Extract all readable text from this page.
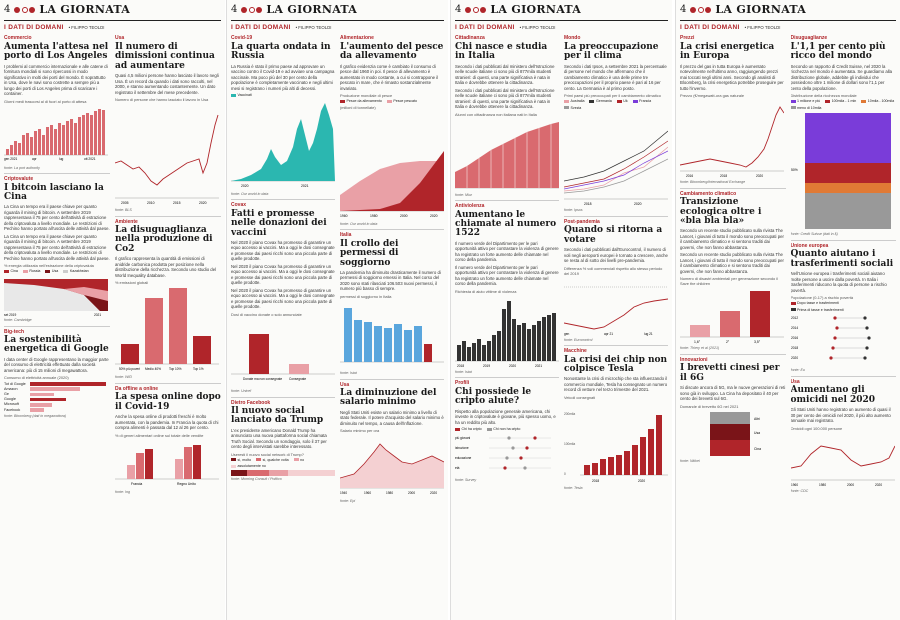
4	LA GIORNATA
I DATI DI DOMANI • FILIPPO TEOLDI
Commercio
Aumenta l'attesa nel porto di Los Angeles

I problemi al commercio internazionale e alle catene di fornitura mondiali si sono ripercossi in modo significativo in molti dei porti del mondo. È soprattutto in Usa, dove le navi sono costrette a sempre più a lungo dei porti di Los Angeles prima di scaricare i container.

Giorni medi trascorsi al di fuori al porto di attesa
gen 2021	apr	lug	ott 2021
fonte: La port authority
Criptovalute
I bitcoin lasciano la Cina

La Cina un tempo era il paese chiave per quanto riguarda il mining di bitcoin. A settembre 2019 rappresentava il 75 per cento dell'attività di estrazione della criptovaluta a livello mondiale. Le restrizioni di Pechino hanno portato all'uscita delle attività dal paese.

La Cina un tempo era il paese chiave per quanto riguarda il mining di bitcoin. A settembre 2019 rappresentava il 75 per cento dell'attività di estrazione della criptovaluta a livello mondiale. Le restrizioni di Pechino hanno portato all'uscita delle attività dal paese.

% energia utilizzata nell'estrazione della criptovaluta
Cina	Russia	Usa	Kazakhstan
set 2019	2021
fonte: Cambridge
Big-tech
La sostenibilità energetica di Google

I data center di Google rappresentano la maggior parte del consumo di elettricità effettuato dalla società americana: più di 15 milioni di megawattora.

Consumo di elettricità annuale (2020)
Tot di Google
Amazon
Ge
Google
Microsoft
Facebook
fonte: Bloomberg (dati in megawattora)
Usa
Il numero di dimissioni continua ad aumentare

Quasi 4,5 milioni persone hanno lasciato il lavoro negli Usa. È un record da quando i dati sono raccolti, nel 2000, e stanno aumentando costantemente. Un dato registrato il settembre del mese precedente.

Numero di persone che hanno lasciato il lavoro in Usa
2005	2010	2015	2020
fonte: BLS
Ambiente
La disuguaglianza nella produzione di Co2

Il grafico rappresenta la quantità di emissioni di anidride carbonica prodotta per posizione nella distribuzione della ricchezza. Secondo uno studio del World Inequality database.

% emissioni globali
50% più poveri Medio 40%	Top 10%	Top 1%
fonte: WID
Da offline a online
La spesa online dopo il Covid-19

Anche la spesa online di prodotti freschi è molto aumentata, con la pandemia. In Francia la quota di chi compra alimenti è passata dal 12 al 26 per cento.

% di generi alimentari online sul totale delle vendite
Francia	Regno Unito
fonte: Ing
4	LA GIORNATA
I DATI DI DOMANI • FILIPPO TEOLDI
Covid-19
La quarta ondata in Russia

La Russia è stato il primo paese ad approvare un vaccino contro il Covid-19 e ad avviare una campagna vaccinale. Ma poco più del 30 per cento della popolazione è completamente vaccinato e negli ultimi mesi si registrano i numeri più alti di decessi.

Vaccinati
2020	2021
fonte: Our world in data
Covax
Fatti e promesse nelle donazioni dei vaccini

Nel 2020 il piano Covax ha promesso di garantire un equo accesso ai vaccini. Ma a oggi le dosi consegnate e promesse dai paesi ricchi sono una piccola parte di quelle prodotte.

Nel 2020 il piano Covax ha promesso di garantire un equo accesso ai vaccini. Ma a oggi le dosi consegnate e promesse dai paesi ricchi sono una piccola parte di quelle prodotte.

Nel 2020 il piano Covax ha promesso di garantire un equo accesso ai vaccini. Ma a oggi le dosi consegnate e promesse dai paesi ricchi sono una piccola parte di quelle prodotte.

Dosi di vaccino donate o solo annunciate
Donate ma non consegnate Consegnate
fonte: Unicef
Dietro Facebook
Il nuovo social lanciato da Trump

L'ex presidente americano Donald Trump ha annunciato una nuova piattaforma social chiamata Truth Social. Secondo un sondaggio, solo il 37 per cento degli intervistati sarebbe interessato.

Useresti il nuovo social network di Trump?
sì, molto	sì, qualche volta	no
assolutamente no
fonte: Morning Consult / Politico
Alimentazione
L'aumento del pesce da allevamento

Il grafico evidenzia come è cambiato il consumo di pesce dal 1960 in poi. Il pesce di allevamento è aumentato in modo costante, a cui si contrappone il pescato in mare, che è rimasto sostanzialmente invariato.

Produzione mondiale di pesce
Pesce da allevamento	Pesce pescato
(milioni di tonnellate)
1960	1980	2000	2020
fonte: Our world in data
Italia
Il crollo dei permessi di soggiorno

La pandemia ha diminuito drasticamente il numero di permessi di soggiorno emessi in Italia. Nel corso del 2020 sono stati rilasciati 106.503 nuovi permessi, il numero più basso di sempre.

permessi di soggiorno in Italia
fonte: Istat
Usa
La diminuzione del salario minimo

Negli Stati Uniti esiste un salario minimo a livello di stato federale. Il potere d'acquisto del salario minimo è diminuito nel tempo, a causa dell'inflazione.

Salario minimo per ora
1940	1960	1980	2000	2020
fonte: Epi
4	LA GIORNATA
I DATI DI DOMANI • FILIPPO TEOLDI
Cittadinanza
Chi nasce e studia in Italia

Secondo i dati pubblicati dal ministero dell'Istruzione nelle scuole italiane ci sono più di 877mila studenti stranieri: di questi, una parte significativa è nata in Italia e dovrebbe ottenere la cittadinanza.

Secondo i dati pubblicati dal ministero dell'Istruzione nelle scuole italiane ci sono più di 877mila studenti stranieri: di questi, una parte significativa è nata in Italia e dovrebbe ottenere la cittadinanza.

Alunni con cittadinanza non italiana nati in Italia
fonte: Miur
Antiviolenza
Aumentano le chiamate al numero 1522

Il numero verde del Dipartimento per le pari opportunità attivo per contrastare la violenza di genere ha registrato un forte aumento delle chiamate nel corso della pandemia.

Il numero verde del Dipartimento per le pari opportunità attivo per contrastare la violenza di genere ha registrato un forte aumento delle chiamate nel corso della pandemia.

Richiesta di aiuto vittime di violenza
2018	2019	2020	2021
fonte: Istat
Profili
Chi possiede le cripto alute?

Rispetto alla popolazione generale americana, chi investe in criptovalute è giovane, più spesso uomo, e ha un reddito più alto.

Chi ha cripto	Chi non ha cripto
più giovani
istruzione
educazione
età
fonte: Survey
Mondo
La preoccupazione per il clima

Secondo i dati Ipsos, a settembre 2021 la percentuale di persone nel mondo che affermano che il cambiamento climatico è una delle prime tre preoccupazioni per il proprio paese è pari al 16 per cento. La Germania è al primo posto.

Primi paesi più preoccupati per il cambiamento climatico
Australia	Germania	Uk	Francia
Svezia
2018	2020
fonte: Ipsos
Post-pandemia
Quando si ritorna a votare

Secondo i dati pubblicati dall'Eurocontrol, il numero di voli negli aeroporti europei è tornato a crescere, anche se resta al di sotto dei livelli pre-pandemia.

Differenza % voli commerciali rispetto allo stesso periodo del 2019
gen	apr 21	lug 21
fonte: Eurocontrol
Macchine
La crisi dei chip non colpisce Tesla

Nonostante la crisi di microchip che sta influenzando il commercio mondiale, Tesla ha consegnato un numero record di vetture nel terzo trimestre del 2021.

Veicoli consegnati
200mila
100mila
0
2018	2020
fonte: Tesla
4	LA GIORNATA
I DATI DI DOMANI • FILIPPO TEOLDI
Prezzi
La crisi energetica in Europa

Il prezzo del gas in tutta Europa è aumentato notevolmente nell'ultimo anno, raggiungendo prezzi mai toccati negli ultimi anni. Secondo gli analisti di Bloomberg, la crisi energetica potrebbe proseguire per tutto l'inverno.

Prezzo (€/megawatt-ora gas naturale
2016	2018	2020
fonte: Bloomberg/International Exchange
Cambiamento climatico
Transizione ecologica oltre i «bla bla bla»

Secondo un recente studio pubblicato sulla rivista The Lancet, i giovani di tutto il mondo sono preoccupati per il cambiamento climatico e si sentono traditi dai governi, che non fanno abbastanza.

Secondo un recente studio pubblicato sulla rivista The Lancet, i giovani di tutto il mondo sono preoccupati per il cambiamento climatico e si sentono traditi dai governi, che non fanno abbastanza.

Numero di disastri ambientali per generazione secondo il Save the children
1,6°	2°	3,5°
fonte: Thiery et al (2021)
Innovazioni
I brevetti cinesi per il 6G

Si discute ancora di 5G, ma le nuove generazioni di reti sono già in sviluppo. La Cina ha depositato il 40 per cento dei brevetti sul 6G.

Domande di brevetto 6G nel 2021
Altri
Usa
Cina
fonte: Nikkei
Disuguaglianze
L'1,1 per cento più ricco del mondo

Secondo un rapporto di Credit Suisse, nel 2020 la ricchezza nel mondo è aumentata. Se guardiamo alla distribuzione globale, addebite gli individui che possiedono oltre 1 milione di dollari sono l'1,1 per cento della popolazione.

Distribuzione della ricchezza mondiale
1 milione e più	100mila - 1 mln	10mila - 100mila
meno di 10mila
50%
fonte: Credit Suisse (dati in $)
Unione europea
Quanto aiutano i trasferimenti sociali

Nell'Unione europea i trasferimenti sociali aiutano molte persone a uscire dalla povertà. In Italia i trasferimenti riducono la quota di persone a rischio povertà.

Popolazione (0-17) a rischio povertà
Dopo tasse e trasferimenti
Prima di tasse e trasferimenti
2012
2014
2016
2018
2020
fonte: Eu
Usa
Aumentano gli omicidi nel 2020

Gli Stati Uniti hanno registrato un aumento di quasi il 30 per cento dei omicidi nel 2020, il più alto aumento annuale mai registrato.

Omicidi ogni 100.000 persone
1960	1980	2000	2020
fonte: CDC
